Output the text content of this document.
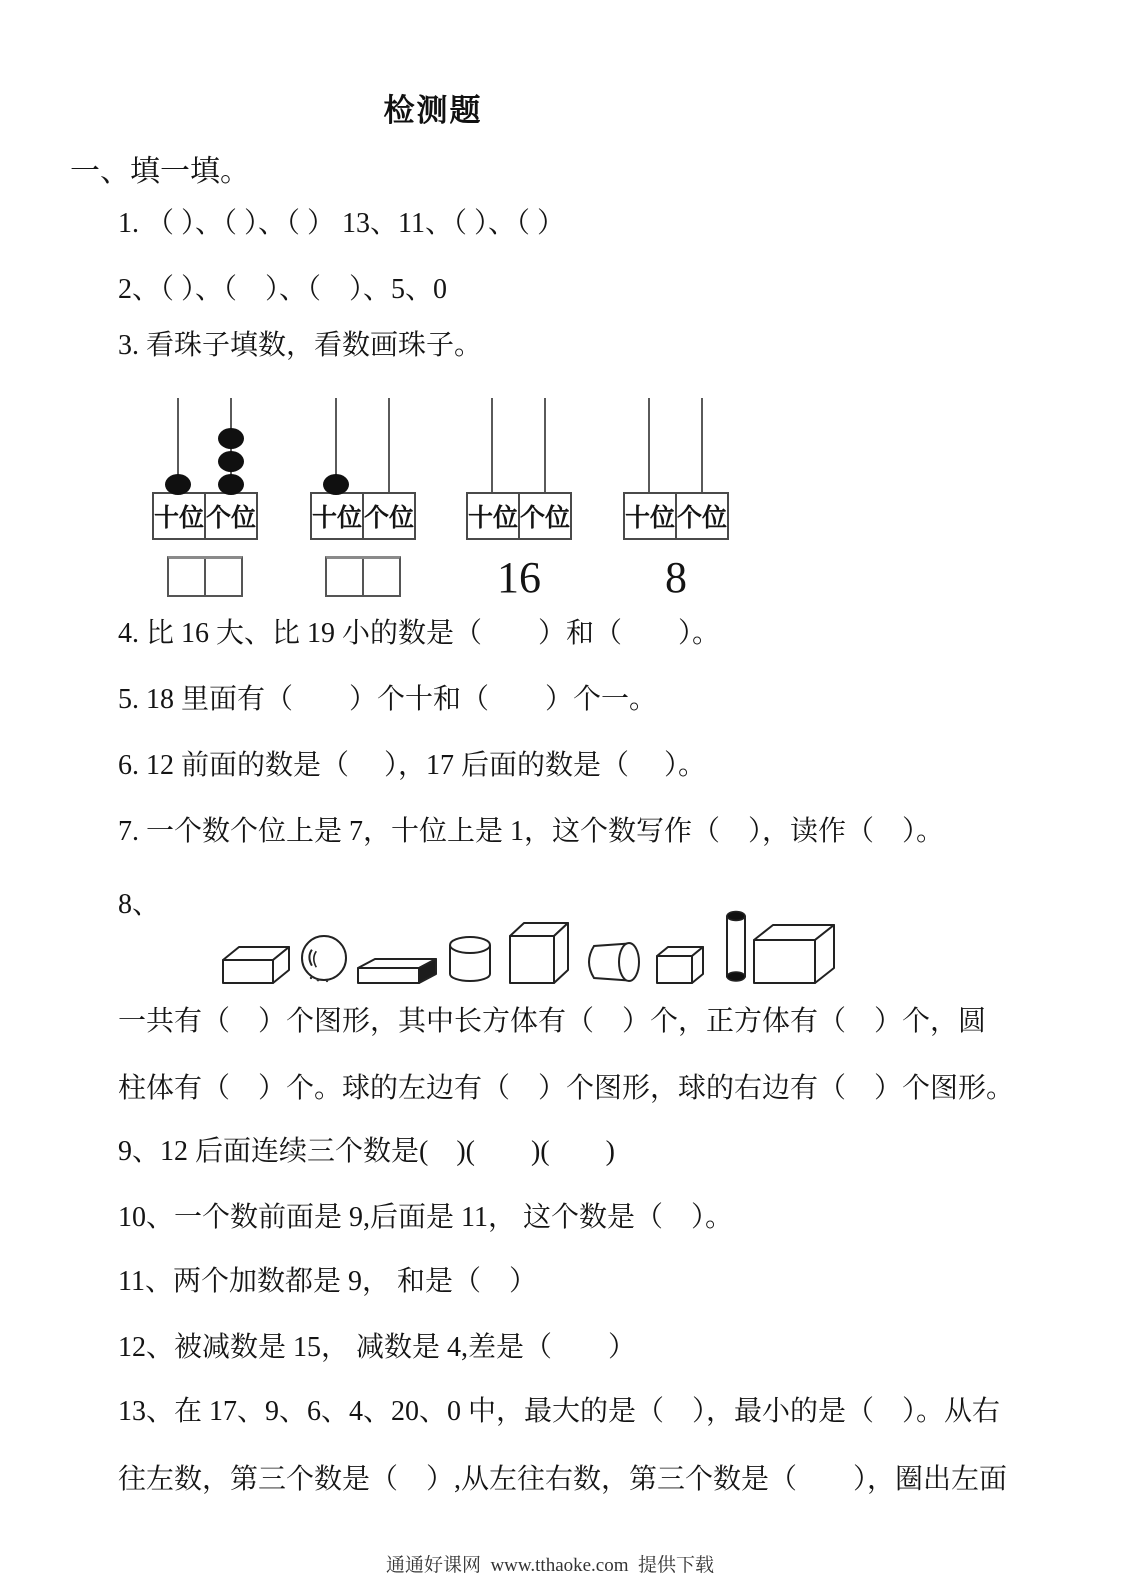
检测题
一、填一填。
1. （ ）、（ ）、（ ） 13、11、（ ）、（ ）
2、（ ）、（　）、（　）、5、0
3. 看珠子填数，看数画珠子。
十位 个位 十位 个位 十位 个位
16
十位 个位
8
4. 比 16 大、比 19 小的数是（　　）和（　　）。
5. 18 里面有（　　）个十和（　　）个一。
6. 12 前面的数是（　 ），17 后面的数是（　 ）。
7. 一个数个位上是 7，十位上是 1，这个数写作（　），读作（　）。
8、
一共有（　）个图形，其中长方体有（　）个，正方体有（　）个，圆
柱体有（　）个。球的左边有（　）个图形，球的右边有（　）个图形。
9、12 后面连续三个数是(　)(　　)(　　)
10、一个数前面是 9,后面是 11， 这个数是（　）。
11、两个加数都是 9， 和是（　）
12、被减数是 15， 减数是 4,差是（　　）
13、在 17、9、6、4、20、0 中，最大的是（　），最小的是（　）。从右
往左数，第三个数是（　）,从左往右数，第三个数是（　　），圈出左面
通通好课网  www.tthaoke.com  提供下载
